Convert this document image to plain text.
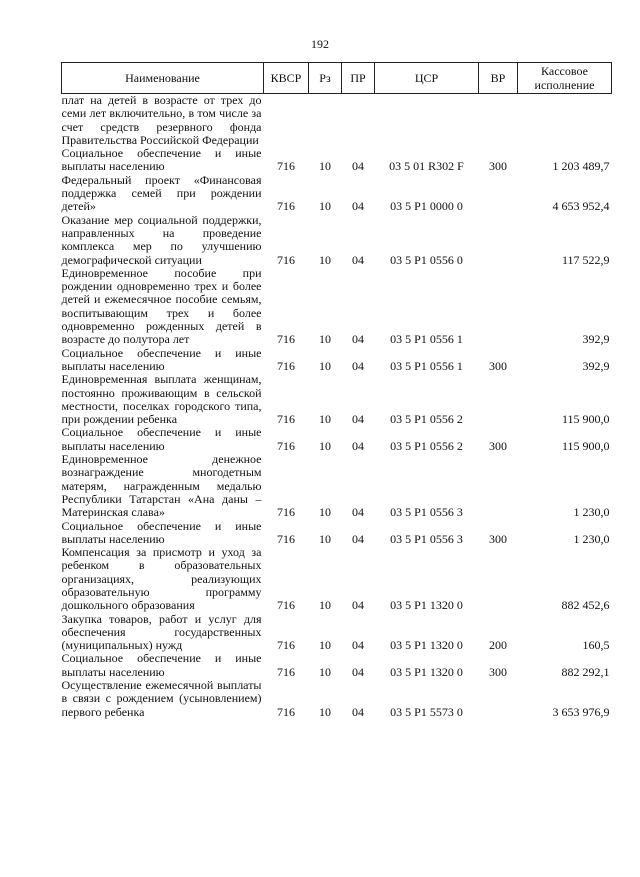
192
Наименование	КВСР	Рз	ПР	ЦСР	ВР	Кассовое исполнение
плат на детей в возрасте от трех до семи лет включительно, в том числе за счет средств резервного фонда Правительства Российской Федерации						
Социальное обеспечение и иные выплаты населению	716	10	04	03 5 01 R302 F	300	1 203 489,7
Федеральный проект «Финансовая поддержка семей при рождении детей»	716	10	04	03 5 P1 0000 0		4 653 952,4
Оказание мер социальной поддержки, направленных на проведение комплекса мер по улучшению демографической ситуации	716	10	04	03 5 P1 0556 0		117 522,9
Единовременное пособие при рождении одновременно трех и более детей и ежемесячное пособие семьям, воспитывающим трех и более одновременно рожденных детей в возрасте до полутора лет	716	10	04	03 5 P1 0556 1		392,9
Социальное обеспечение и иные выплаты населению	716	10	04	03 5 P1 0556 1	300	392,9
Единовременная выплата женщинам, постоянно проживающим в сельской местности, поселках городского типа, при рождении ребенка	716	10	04	03 5 P1 0556 2		115 900,0
Социальное обеспечение и иные выплаты населению	716	10	04	03 5 P1 0556 2	300	115 900,0
Единовременное денежное вознаграждение многодетным матерям, награжденным медалью Республики Татарстан «Ана даны – Материнская слава»	716	10	04	03 5 P1 0556 3		1 230,0
Социальное обеспечение и иные выплаты населению	716	10	04	03 5 P1 0556 3	300	1 230,0
Компенсация за присмотр и уход за ребенком в образовательных организациях, реализующих образовательную программу дошкольного образования	716	10	04	03 5 P1 1320 0		882 452,6
Закупка товаров, работ и услуг для обеспечения государственных (муниципальных) нужд	716	10	04	03 5 P1 1320 0	200	160,5
Социальное обеспечение и иные выплаты населению	716	10	04	03 5 P1 1320 0	300	882 292,1
Осуществление ежемесячной выплаты в связи с рождением (усыновлением) первого ребенка	716	10	04	03 5 P1 5573 0		3 653 976,9
